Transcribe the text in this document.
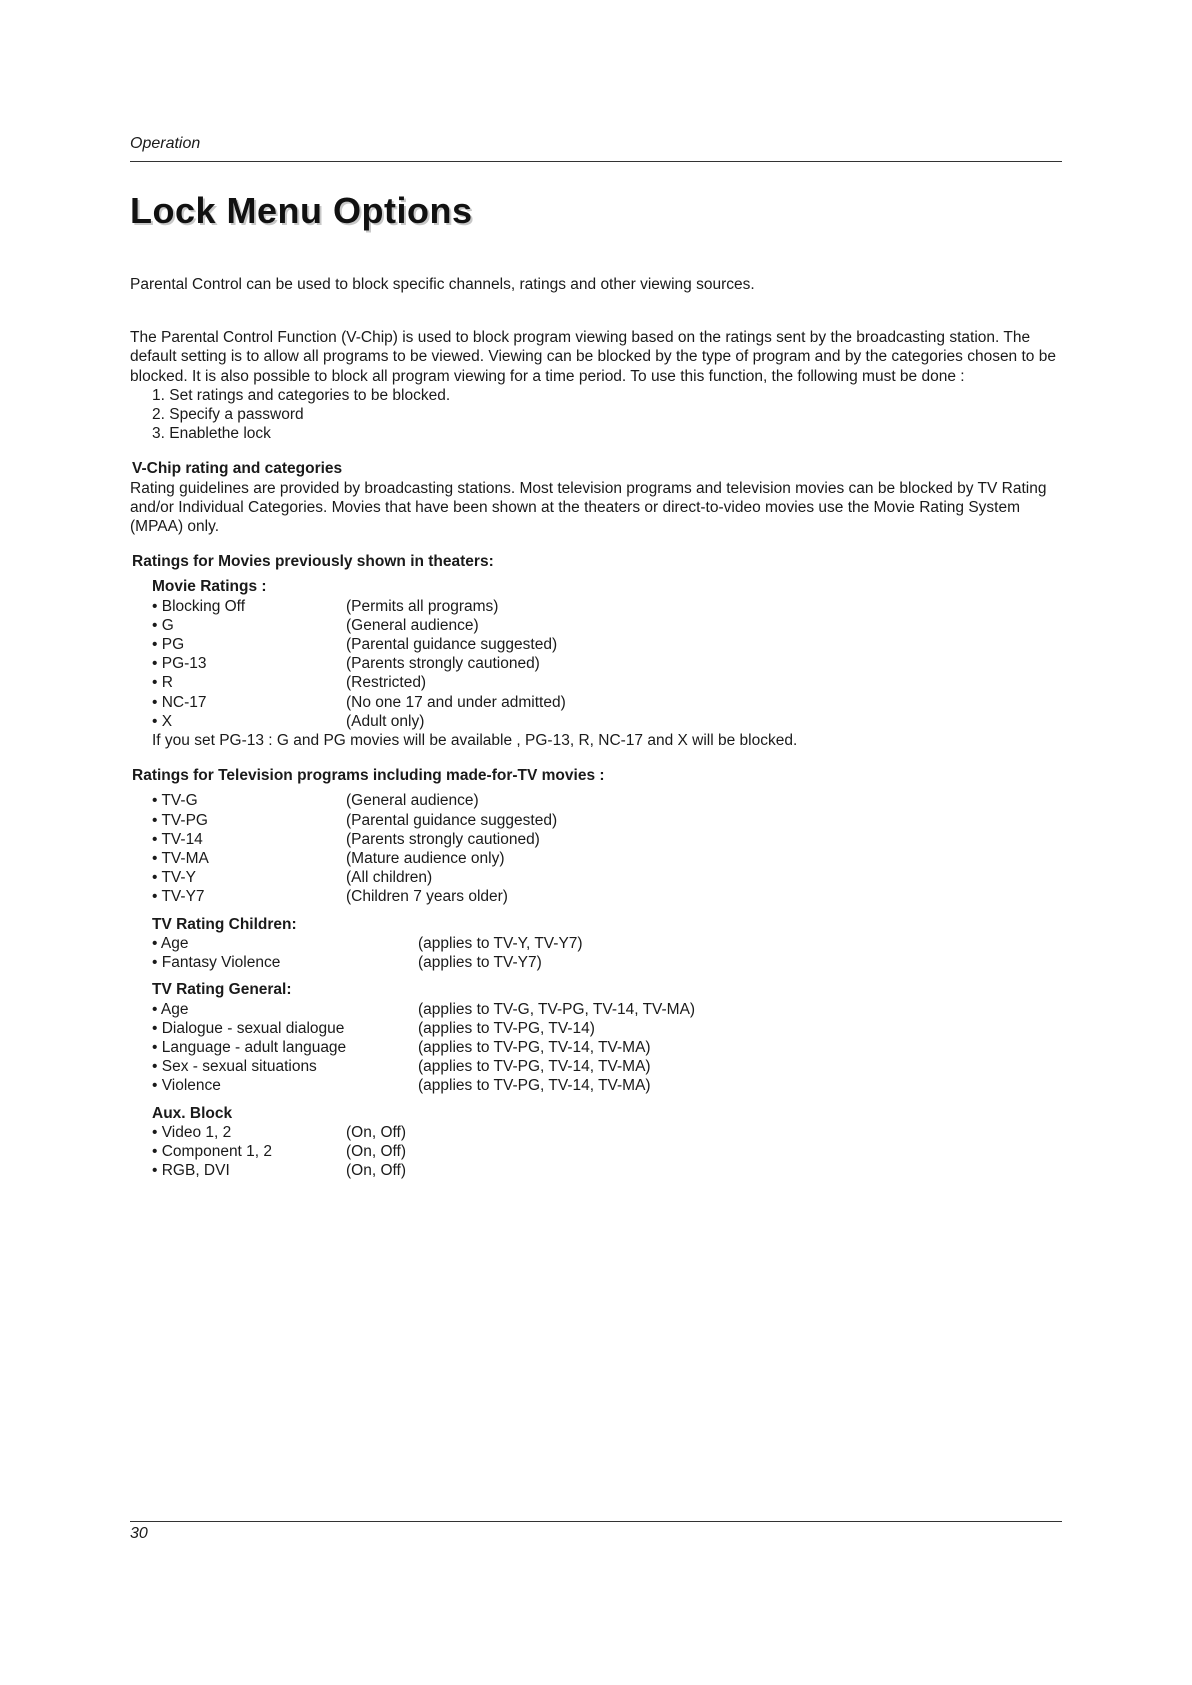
Operation
Lock Menu Options

Parental Control can be used to block specific channels, ratings and other viewing sources.

The Parental Control Function (V-Chip) is used to block program viewing based on the ratings sent by the broadcasting station. The default setting is to allow all programs to be viewed. Viewing can be blocked by the type of program and by the categories chosen to be blocked. It is also possible to block all program viewing for a time period. To use this function, the following must be done :

1. Set ratings and categories to be blocked.
2. Specify a password
3. Enablethe lock
V-Chip rating and categories

Rating guidelines are provided by broadcasting stations. Most television programs and television movies can be blocked by TV Rating and/or Individual Categories. Movies that have been shown at the theaters or direct-to-video movies use the Movie Rating System (MPAA) only.

Ratings for Movies previously shown in theaters:
Movie Ratings :
• Blocking Off	(Permits all programs)
• G	(General audience)
• PG	(Parental guidance suggested)
• PG-13	(Parents strongly cautioned)
• R	(Restricted)
• NC-17	(No one 17 and under admitted)
• X	(Adult only)
If you set PG-13 : G and PG movies will be available , PG-13, R, NC-17 and X will be blocked.
Ratings for Television programs including made-for-TV movies :
• TV-G	(General audience)
• TV-PG	(Parental guidance suggested)
• TV-14	(Parents strongly cautioned)
• TV-MA	(Mature audience only)
• TV-Y	(All children)
• TV-Y7	(Children 7 years older)
TV Rating Children:
• Age	(applies to TV-Y, TV-Y7)
• Fantasy Violence	(applies to TV-Y7)
TV Rating General:
• Age	(applies to TV-G, TV-PG, TV-14, TV-MA)
• Dialogue - sexual dialogue	(applies to TV-PG, TV-14)
• Language - adult language	(applies to TV-PG, TV-14, TV-MA)
• Sex - sexual situations	(applies to TV-PG, TV-14, TV-MA)
• Violence	(applies to TV-PG, TV-14, TV-MA)
Aux. Block
• Video 1, 2	(On, Off)
• Component 1, 2	(On, Off)
• RGB, DVI	(On, Off)
30
